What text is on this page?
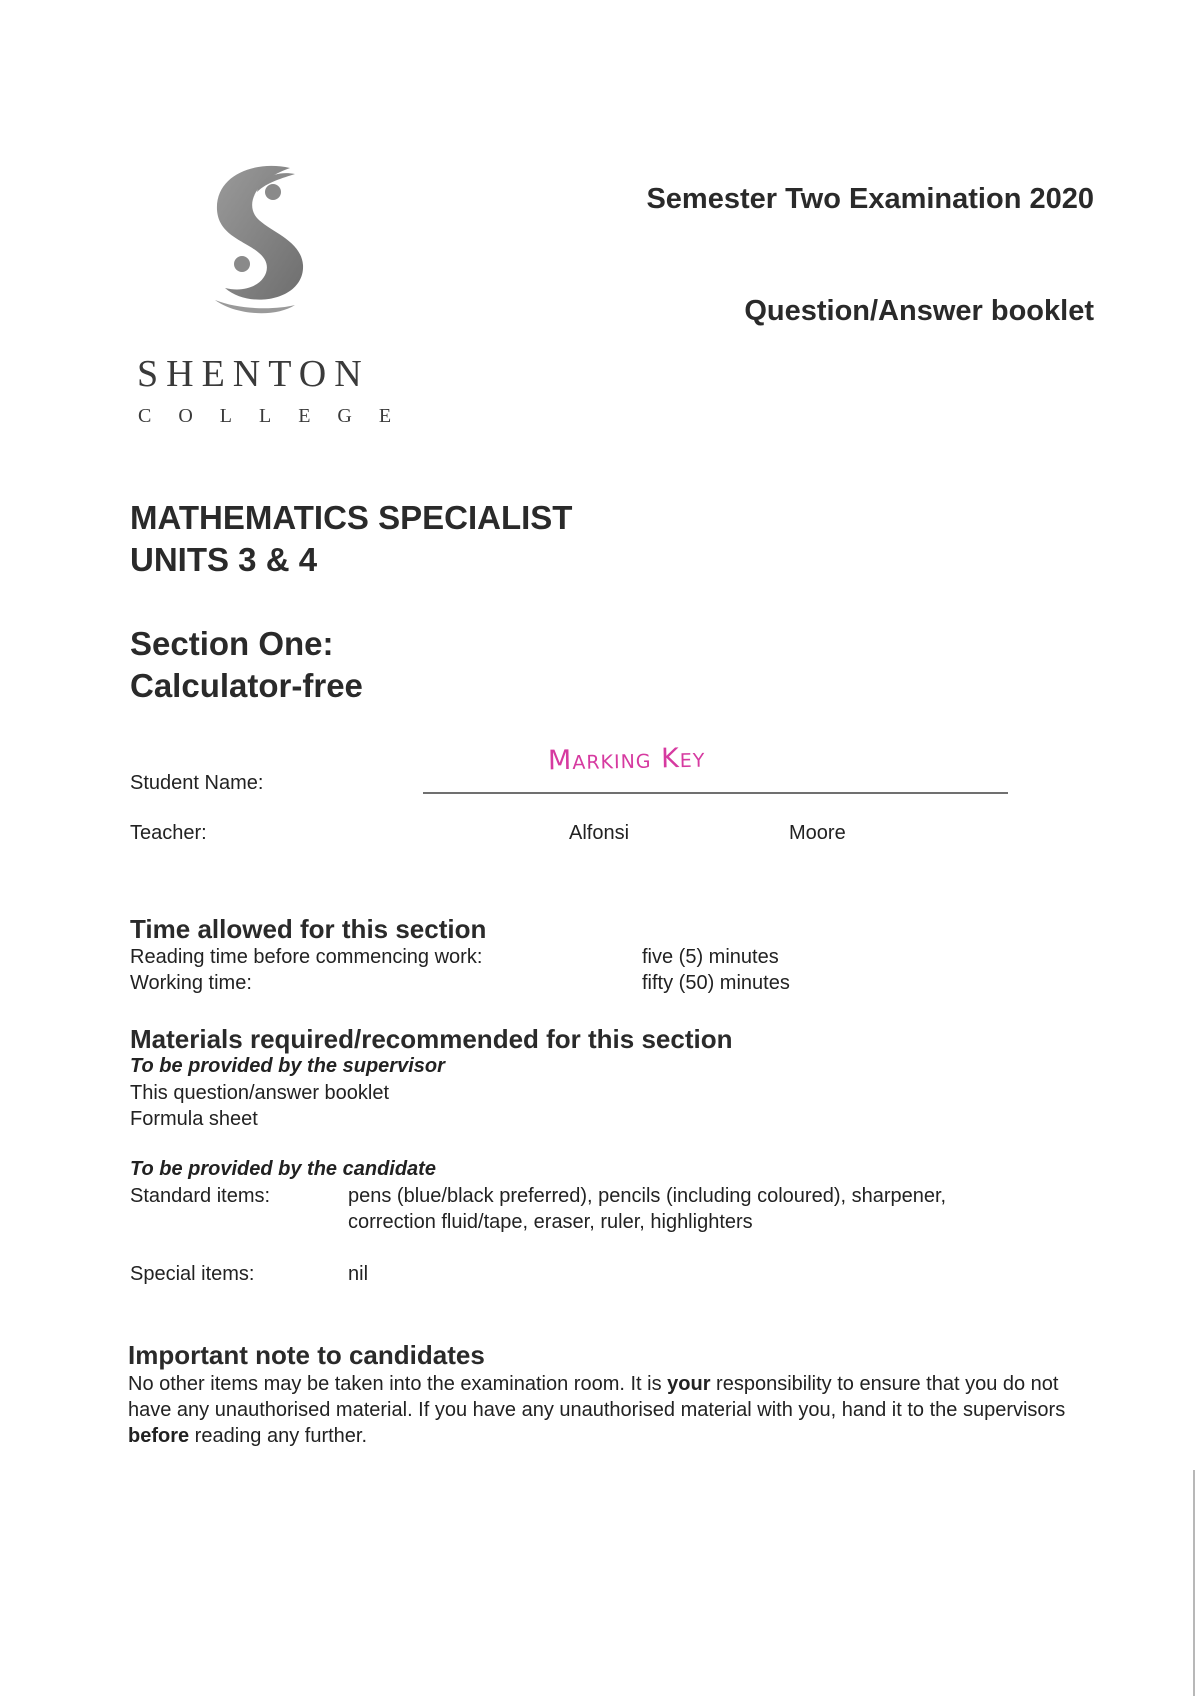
SHENTON
COLLEGE
Semester Two Examination 2020
Question/Answer booklet
MATHEMATICS SPECIALIST
UNITS 3 & 4
Section One:
Calculator-free
Student Name:
Marking Key
Teacher:	Alfonsi	Moore
Time allowed for this section
Reading time before commencing work:	five (5) minutes
Working time:	fifty (50) minutes
Materials required/recommended for this section
To be provided by the supervisor
This question/answer booklet
Formula sheet
To be provided by the candidate
Standard items:	pens (blue/black preferred), pencils (including coloured), sharpener,
correction fluid/tape, eraser, ruler, highlighters
Special items:	nil
Important note to candidates
No other items may be taken into the examination room. It is your responsibility to ensure that you do not have any unauthorised material. If you have any unauthorised material with you, hand it to the supervisors before reading any further.
